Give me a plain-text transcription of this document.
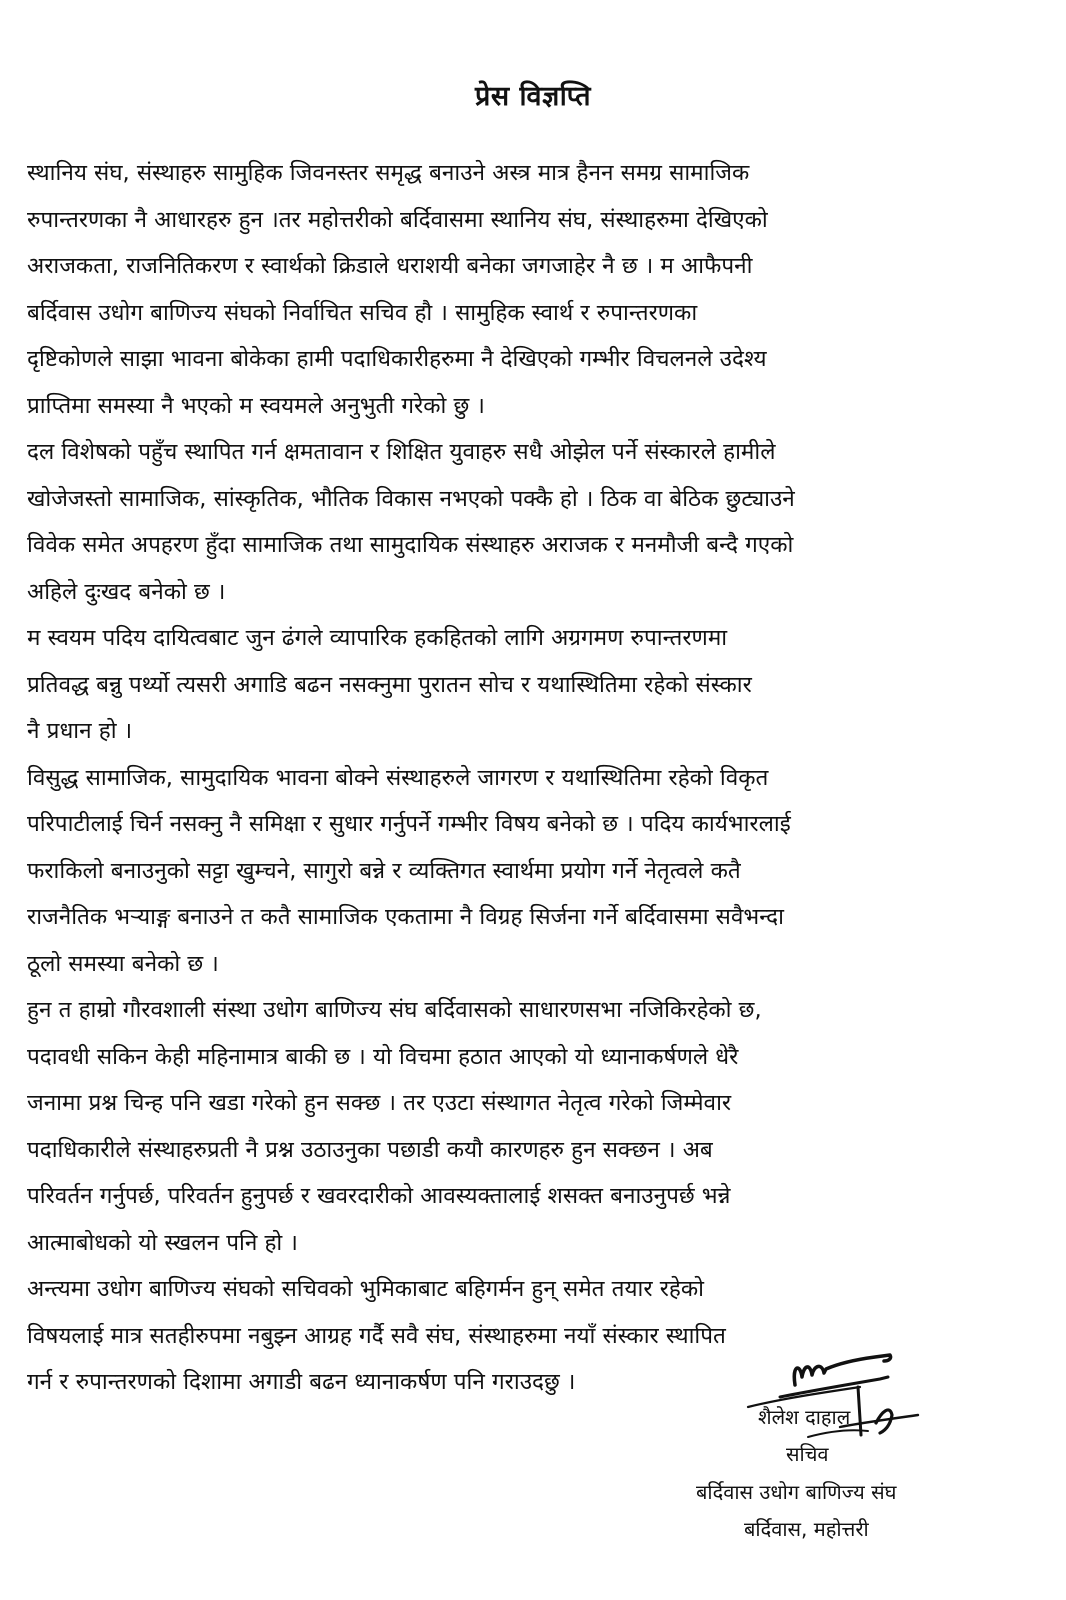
प्रेस विज्ञप्ति
स्थानिय संघ, संस्थाहरु सामुहिक जिवनस्तर समृद्ध बनाउने अस्त्र मात्र हैनन समग्र सामाजिक
रुपान्तरणका नै आधारहरु हुन ।तर महोत्तरीको बर्दिवासमा स्थानिय संघ, संस्थाहरुमा देखिएको
अराजकता, राजनितिकरण र स्वार्थको क्रिडाले धराशयी बनेका जगजाहेर नै छ । म आफैपनी
बर्दिवास उधोग बाणिज्य संघको निर्वाचित सचिव हौ । सामुहिक स्वार्थ र रुपान्तरणका
दृष्टिकोणले साझा भावना बोकेका हामी पदाधिकारीहरुमा नै देखिएको गम्भीर विचलनले उदेश्य
प्राप्तिमा समस्या नै भएको म स्वयमले अनुभुती गरेको छु ।
दल विशेषको पहुँच स्थापित गर्न क्षमतावान र शिक्षित युवाहरु सधै ओझेल पर्ने संस्कारले हामीले
खोजेजस्तो सामाजिक, सांस्कृतिक, भौतिक विकास नभएको पक्कै हो । ठिक वा बेठिक छुट्याउने
विवेक समेत अपहरण हुँदा सामाजिक तथा सामुदायिक संस्थाहरु अराजक र मनमौजी बन्दै गएको
अहिले दुःखद बनेको छ ।
म स्वयम पदिय दायित्वबाट जुन ढंगले व्यापारिक हकहितको लागि अग्रगमण रुपान्तरणमा
प्रतिवद्ध बन्नु पर्थ्यो त्यसरी अगाडि बढन नसक्नुमा पुरातन सोच र यथास्थितिमा रहेको संस्कार
नै प्रधान हो ।
विसुद्ध सामाजिक, सामुदायिक भावना बोक्ने संस्थाहरुले जागरण र यथास्थितिमा रहेको विकृत
परिपाटीलाई चिर्न नसक्नु नै समिक्षा र सुधार गर्नुपर्ने गम्भीर विषय बनेको छ । पदिय कार्यभारलाई
फराकिलो बनाउनुको सट्टा खुम्चने, सागुरो बन्ने र व्यक्तिगत स्वार्थमा प्रयोग गर्ने नेतृत्वले कतै
राजनैतिक भऱ्याङ्ग बनाउने त कतै सामाजिक एकतामा नै विग्रह सिर्जना गर्ने बर्दिवासमा सवैभन्दा
ठूलो समस्या बनेको छ ।
हुन त हाम्रो गौरवशाली संस्था उधोग बाणिज्य संघ बर्दिवासको साधारणसभा नजिकिरहेको छ,
पदावधी सकिन केही महिनामात्र बाकी छ । यो विचमा हठात आएको यो ध्यानाकर्षणले धेरै
जनामा प्रश्न चिन्ह पनि खडा गरेको हुन सक्छ । तर एउटा संस्थागत नेतृत्व गरेको जिम्मेवार
पदाधिकारीले संस्थाहरुप्रती नै प्रश्न उठाउनुका पछाडी कयौ कारणहरु हुन सक्छन । अब
परिवर्तन गर्नुपर्छ, परिवर्तन हुनुपर्छ र खवरदारीको आवस्यक्तालाई शसक्त बनाउनुपर्छ भन्ने
आत्माबोधको यो स्खलन पनि हो ।
अन्त्यमा उधोग बाणिज्य संघको सचिवको भुमिकाबाट बहिगर्मन हुन् समेत तयार रहेको
विषयलाई मात्र सतहीरुपमा नबुझ्न आग्रह गर्दै सवै संघ, संस्थाहरुमा नयाँ संस्कार स्थापित
गर्न र रुपान्तरणको दिशामा अगाडी बढन ध्यानाकर्षण पनि गराउदछु ।
शैलेश दाहाल
सचिव
बर्दिवास उधोग बाणिज्य संघ
बर्दिवास, महोत्तरी
